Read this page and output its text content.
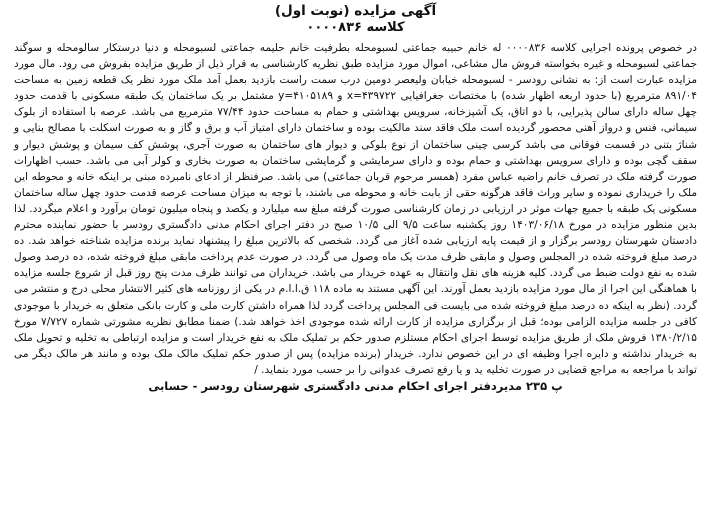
آگهی مزایده (نوبت اول)
کلاسه ۰۰۰۰۸۳۶

در خصوص پرونده اجرایی کلاسه ۰۰۰۰۸۳۶ له خانم حبیبه جماعتی لسبومحله بطرفیت خانم حلیمه جماعتی لسبومحله و دنیا درستکار سالومحله و سوگند جماعتی لسبومحله و غیره بخواسته فروش مال مشاعی، اموال مورد مزایده طبق نظریه کارشناسی به قرار ذیل از طریق مزایده بفروش می رود. مال مورد مزایده عبارت است از: به نشانی رودسر - لسبومحله خیابان ولیعصر دومین درب سمت راست بازدید بعمل آمد ملک مورد نظر یک قطعه زمین به مساحت ۸۹۱/۰۴ مترمربع (با حدود اربعه اظهار شده) با مختصات جغرافیایی x=۴۳۹۷۲۲ و y=۴۱۰۵۱۸۹ مشتمل بر یک ساختمان یک طبقه مسکونی با قدمت حدود چهل ساله دارای سالن پذیرایی، با دو اتاق، یک آشپزخانه، سرویس بهداشتی و حمام به مساحت حدود ۷۷/۴۴ مترمربع می باشد. عرصه با استفاده از بلوک سیمانی، فنس و درواز آهنی محصور گردیده است ملک فاقد سند مالکیت بوده و ساختمان دارای امتیاز آب و برق و گاز و به صورت اسکلت با مصالح بنایی و شناژ بتنی در قسمت فوقانی می باشد کرسی چینی ساختمان از نوع بلوکی و دیوار های ساختمان به صورت آجری، پوشش کف سیمان و پوشش دیوار و سقف گچی بوده و دارای سرویس بهداشتی و حمام بوده و دارای سرمایشی و گرمایشی ساختمان به صورت بخاری و کولر آبی می باشد. حسب اظهارات صورت گرفته ملک در تصرف خانم راضیه عباس مفرد (همسر مرحوم قربان جماعتی) می باشد. صرفنظر از ادعای نامبرده مبنی بر اینکه خانه و محوطه این ملک را خریداری نموده و سایر وراث فاقد هرگونه حقی از بابت خانه و محوطه می باشند، با توجه به میزان مساحت عرصه قدمت حدود چهل ساله ساختمان مسکونی یک طبقه با جمیع جهات موثر در ارزیابی در زمان کارشناسی صورت گرفته مبلغ سه میلیارد و یکصد و پنجاه میلیون تومان برآورد و اعلام میگردد. لذا بدین منظور مزایده در مورخ ۱۴۰۳/۰۶/۱۸ روز یکشنبه ساعت ۹/۵ الی ۱۰/۵ صبح در دفتر اجرای احکام مدنی دادگستری رودسر با حضور نماینده محترم دادستان شهرستان رودسر برگزار و از قیمت پایه ارزیابی شده آغاز می گردد. شخصی که بالاترین مبلغ را پیشنهاد نماید برنده مزایده شناخته خواهد شد. ده درصد مبلغ فروخته شده در المجلس وصول و مابقی ظرف مدت یک ماه وصول می گردد. در صورت عدم پرداخت مابقی مبلغ فروخته شده، ده درصد وصول شده به نفع دولت ضبط می گردد. کلیه هزینه های نقل وانتقال به عهده خریدار می باشد. خریداران می توانند ظرف مدت پنج روز قبل از شروع جلسه مزایده با هماهنگی این اجرا از مال مورد مزایده بازدید بعمل آورند. این آگهی مستند به ماده ۱۱۸ ق.ا.ا.م در یکی از روزنامه های کثیر الانتشار محلی درج و منتشر می گردد. (نظر به اینکه ده درصد مبلغ فروخته شده می بایست فی المجلس پرداخت گردد لذا همراه داشتن کارت ملی و کارت بانکی متعلق به خریدار با موجودی کافی در جلسه مزایده الزامی بوده؛ قبل از برگزاری مزایده از کارت ارائه شده موجودی اخذ خواهد شد.) ضمنا مطابق نظریه مشورتی شماره ۷/۷۲۷ مورخ ۱۳۸۰/۲/۱۵ فروش ملک از طریق مزایده توسط اجرای احکام مستلزم صدور حکم بر تملیک ملک به نفع خریدار است و مزایده ارتباطی به تخلیه و تحویل ملک به خریدار نداشته و دایره اجرا وظیفه ای در این خصوص ندارد. خریدار (برنده مزایده) پس از صدور حکم تملیک مالک ملک بوده و مانند هر مالک دیگر می تواند با مراجعه به مراجع قضایی در صورت تخلیه ید و یا رفع تصرف عدوانی را بر حسب مورد بنماید. /

ﭖ ۲۳۵ مدیردفتر اجرای احکام مدنی دادگستری شهرستان رودسر - حسابی
